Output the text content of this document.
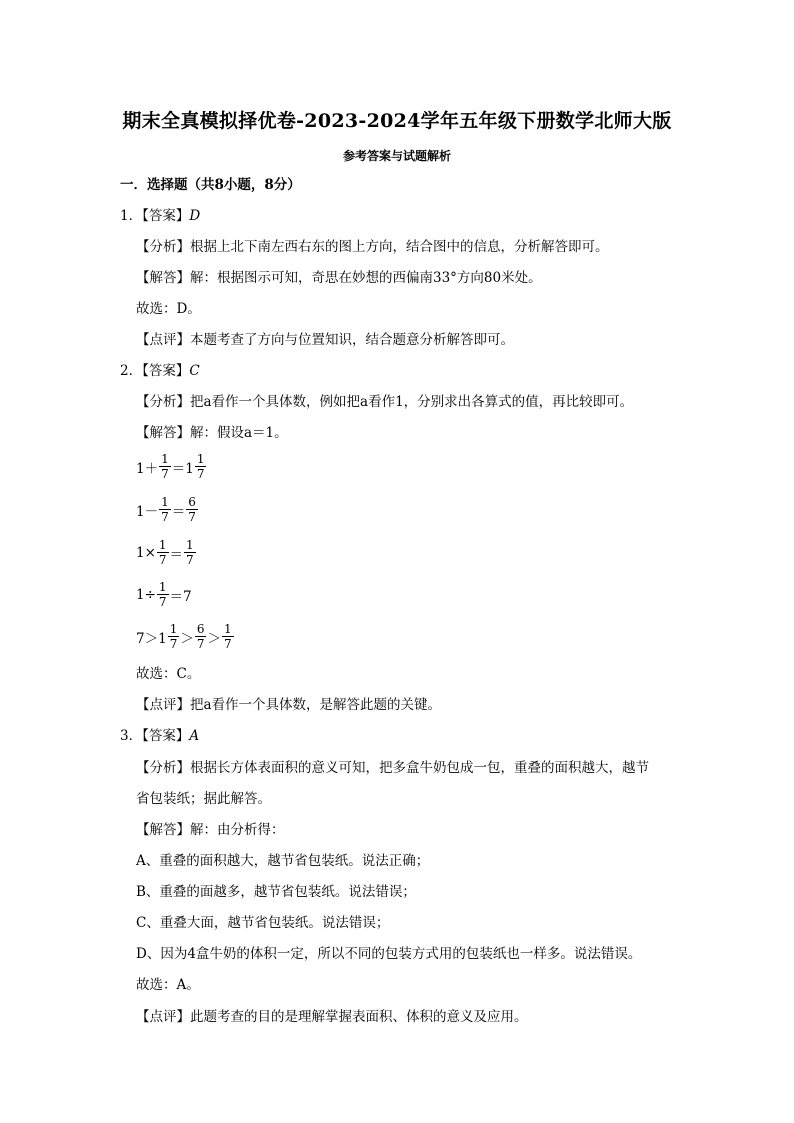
期末全真模拟择优卷-2023-2024学年五年级下册数学北师大版
参考答案与试题解析
一．选择题（共8小题，8分）
1．【答案】D
【分析】根据上北下南左西右东的图上方向，结合图中的信息，分析解答即可。
【解答】解：根据图示可知，奇思在妙想的西偏南33°方向80米处。
故选：D。
【点评】本题考查了方向与位置知识，结合题意分析解答即可。
2．【答案】C
【分析】把a看作一个具体数，例如把a看作1，分别求出各算式的值，再比较即可。
【解答】解：假设a＝1。
$1+ \frac{1}{7} =1 \frac{1}{7}$
$1- \frac{1}{7} = \frac{6}{7}$
$1\times \frac{1}{7} = \frac{1}{7}$
$1\div \frac{1}{7} =7$
$7>1 \frac{1}{7} > \frac{6}{7} > \frac{1}{7}$
故选：C。
【点评】把a看作一个具体数，是解答此题的关键。
3．【答案】A
【分析】根据长方体表面积的意义可知，把多盒牛奶包成一包，重叠的面积越大，越节
省包装纸；据此解答。
【解答】解：由分析得：
A、重叠的面积越大，越节省包装纸。说法正确；
B、重叠的面越多，越节省包装纸。说法错误；
C、重叠大面，越节省包装纸。说法错误；
D、因为4盒牛奶的体积一定，所以不同的包装方式用的包装纸也一样多。说法错误。
故选：A。
【点评】此题考查的目的是理解掌握表面积、体积的意义及应用。
